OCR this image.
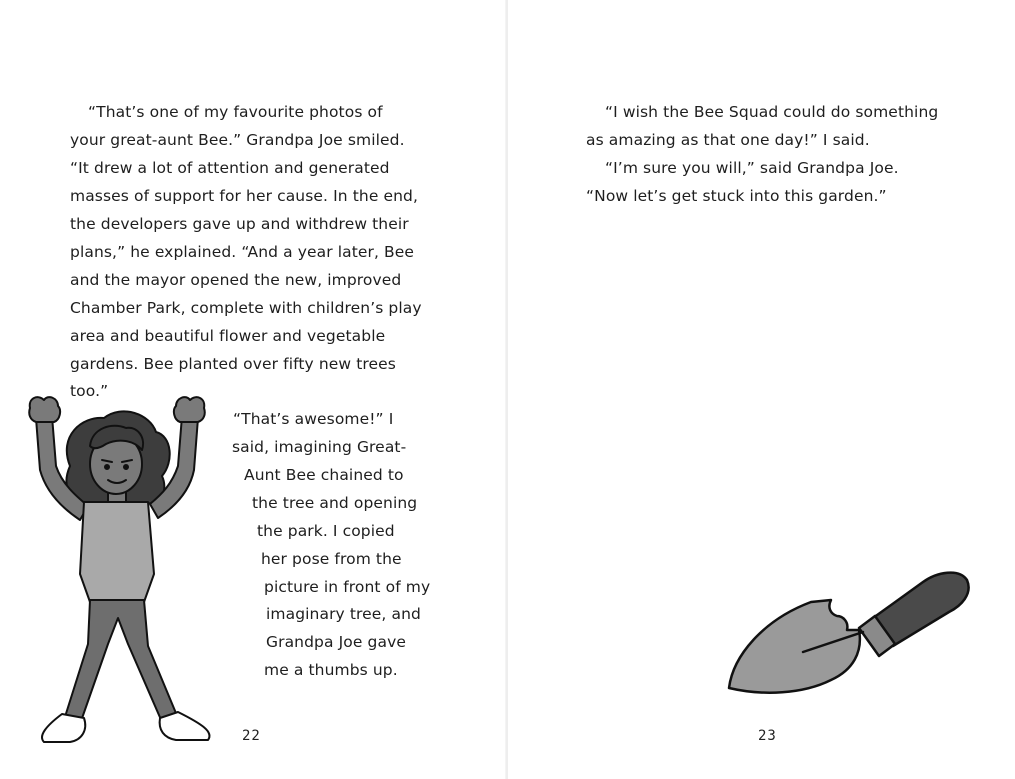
“That’s one of my favourite photos of
your great-aunt Bee.” Grandpa Joe smiled.
“It drew a lot of attention and generated
masses of support for her cause. In the end,
the developers gave up and withdrew their
plans,” he explained. “And a year later, Bee
and the mayor opened the new, improved
Chamber Park, complete with children’s play
area and beautiful flower and vegetable
gardens. Bee planted over fifty new trees
too.”
“That’s awesome!” I
said, imagining Great-
Aunt Bee chained to
the tree and opening
the park. I copied
her pose from the
picture in front of my
imaginary tree, and
Grandpa Joe gave
me a thumbs up.
22
“I wish the Bee Squad could do something
as amazing as that one day!” I said.
“I’m sure you will,” said Grandpa Joe.
“Now let’s get stuck into this garden.”
23
